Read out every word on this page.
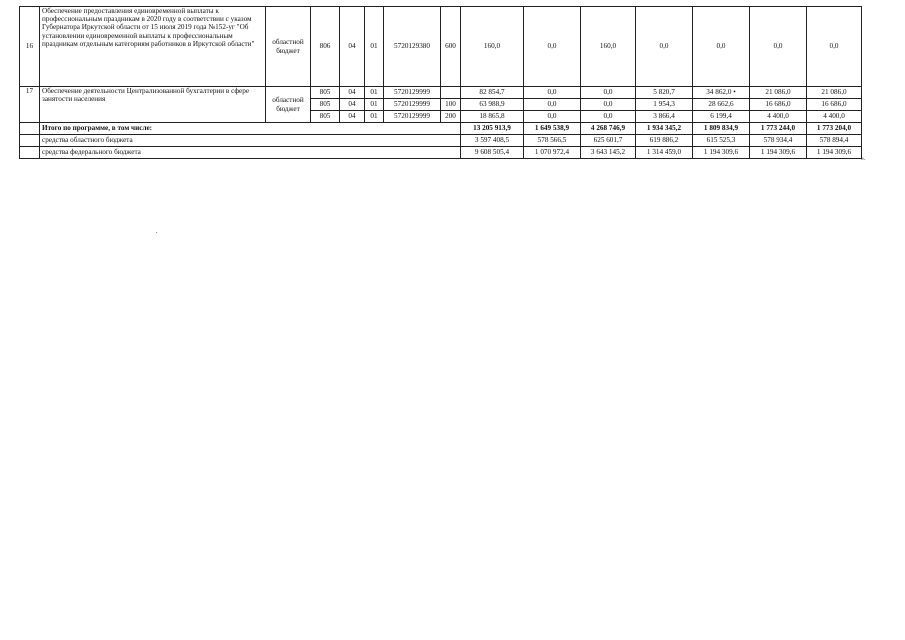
16	Обеспечение предоставления единовременной выплаты к профессиональным праздникам в 2020 году в соответствии с указом Губернатора Иркутской области от 15 июля 2019 года №152-уг "Об установлении единовременной выплаты к профессиональным праздникам отдельным категориям работников в Иркутской области"	областной бюджет	806	04	01	5720129380	600	160,0	0,0	160,0	0,0	0,0	0,0	0,0
17	Обеспечение деятельности Централизованной бухгалтерии в сфере занятости населения	областной бюджет	805	04	01	5720129999		82 854,7	0,0	0,0	5 820,7	34 862,0 •	21 086,0	21 086,0
			805	04	01	5720129999	100	63 988,9	0,0	0,0	1 954,3	28 662,6	16 686,0	16 686,0
			805	04	01	5720129999	200	18 865,8	0,0	0,0	3 866,4	6 199,4	4 400,0	4 400,0
	Итого по программе, в том числе:							13 205 913,9	1 649 538,9	4 268 746,9	1 934 345,2	1 809 834,9	1 773 244,0	1 773 204,0
	средства областного бюджета							3 597 408,5	578 566,5	625 601,7	619 886,2	615 525,3	578 934,4	578 894,4
	средства федерального бюджета							9 608 505,4	1 070 972,4	3 643 145,2	1 314 459,0	1 194 309,6	1 194 309,6	1 194 309,6
».
